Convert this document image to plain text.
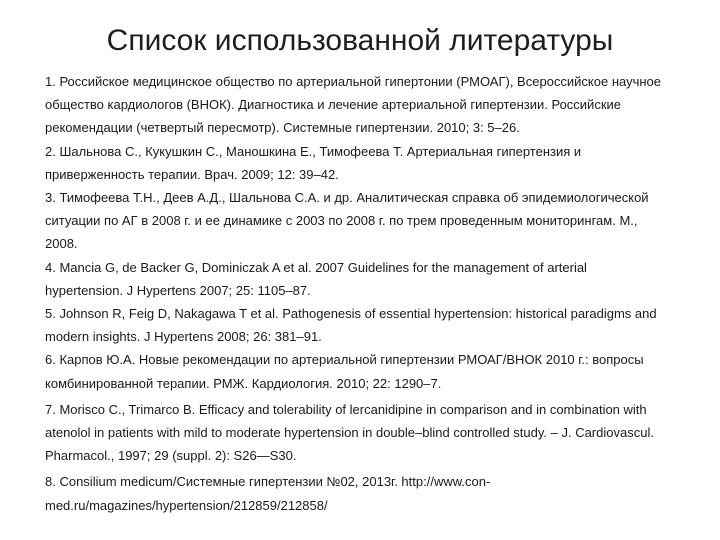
Список использованной литературы
1. Российское медицинское общество по артериальной гипертонии (РМОАГ), Всероссийское научное
общество кардиологов (ВНОК). Диагностика и лечение артериальной гипертензии. Российские
рекомендации (четвертый пересмотр). Системные гипертензии. 2010; 3: 5–26.
2. Шальнова С., Кукушкин С., Маношкина Е., Тимофеева Т. Артериальная гипертензия и
приверженность терапии. Врач. 2009; 12: 39–42.
3. Тимофеева Т.Н., Деев А.Д., Шальнова С.А. и др. Аналитическая справка об эпидемиологической
ситуации по АГ в 2008 г. и ее динамике с 2003 по 2008 г. по трем проведенным мониторингам. М.,
2008.
4. Mancia G, de Backer G, Dominiczak A et al. 2007 Guidelines for the management of arterial
hypertension. J Hypertens 2007; 25: 1105–87.
5. Johnson R, Feig D, Nakagawa T et al. Pathogenesis of essential hypertension: historical paradigms and
modern insights. J Hypertens 2008; 26: 381–91.
6. Карпов Ю.А. Новые рекомендации по артериальной гипертензии РМОАГ/ВНОК 2010 г.: вопросы
комбинированной терапии. РМЖ. Кардиология. 2010; 22: 1290–7.
7. Morisco C., Trimarco B. Efficacy and tolerability of lercanidipine in comparison and in combination with
atenolol in patients with mild to moderate hypertension in double–blind controlled study. – J. Cardiovascul.
Pharmacol., 1997; 29 (suppl. 2): S26—S30.
8. Consilium medicum/Системные гипертензии №02, 2013г. http://www.con-
med.ru/magazines/hypertension/212859/212858/
